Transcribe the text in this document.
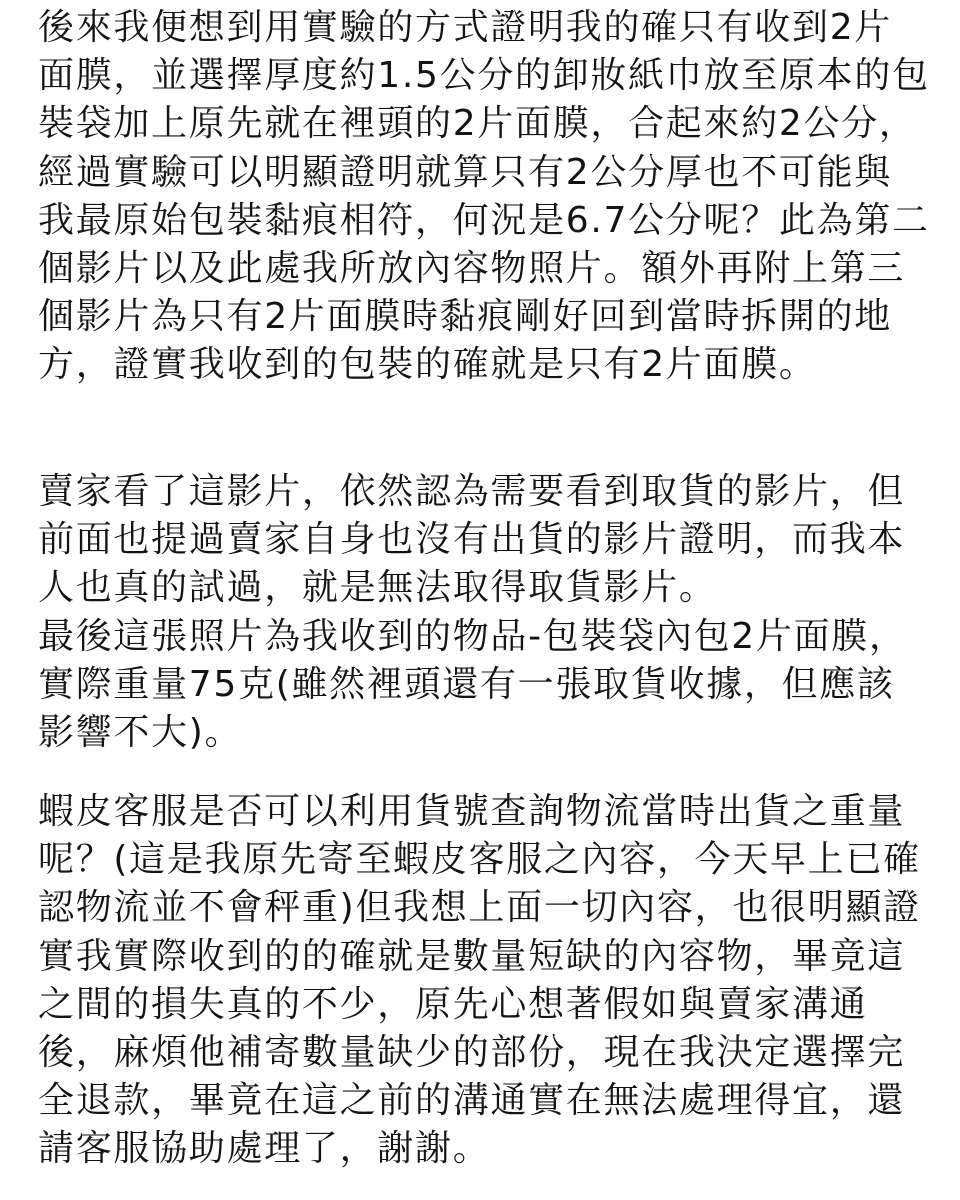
後來我便想到用實驗的方式證明我的確只有收到2片
面膜，並選擇厚度約1.5公分的卸妝紙巾放至原本的包
裝袋加上原先就在裡頭的2片面膜，合起來約2公分，
經過實驗可以明顯證明就算只有2公分厚也不可能與
我最原始包裝黏痕相符，何況是6.7公分呢？此為第二
個影片以及此處我所放內容物照片。額外再附上第三
個影片為只有2片面膜時黏痕剛好回到當時拆開的地
方，證實我收到的包裝的確就是只有2片面膜。
賣家看了這影片，依然認為需要看到取貨的影片，但
前面也提過賣家自身也沒有出貨的影片證明，而我本
人也真的試過，就是無法取得取貨影片。
最後這張照片為我收到的物品-包裝袋內包2片面膜，
實際重量75克(雖然裡頭還有一張取貨收據，但應該
影響不大)。
蝦皮客服是否可以利用貨號查詢物流當時出貨之重量
呢？(這是我原先寄至蝦皮客服之內容，今天早上已確
認物流並不會秤重)但我想上面一切內容，也很明顯證
實我實際收到的的確就是數量短缺的內容物，畢竟這
之間的損失真的不少，原先心想著假如與賣家溝通
後，麻煩他補寄數量缺少的部份，現在我決定選擇完
全退款，畢竟在這之前的溝通實在無法處理得宜，還
請客服協助處理了，謝謝。
